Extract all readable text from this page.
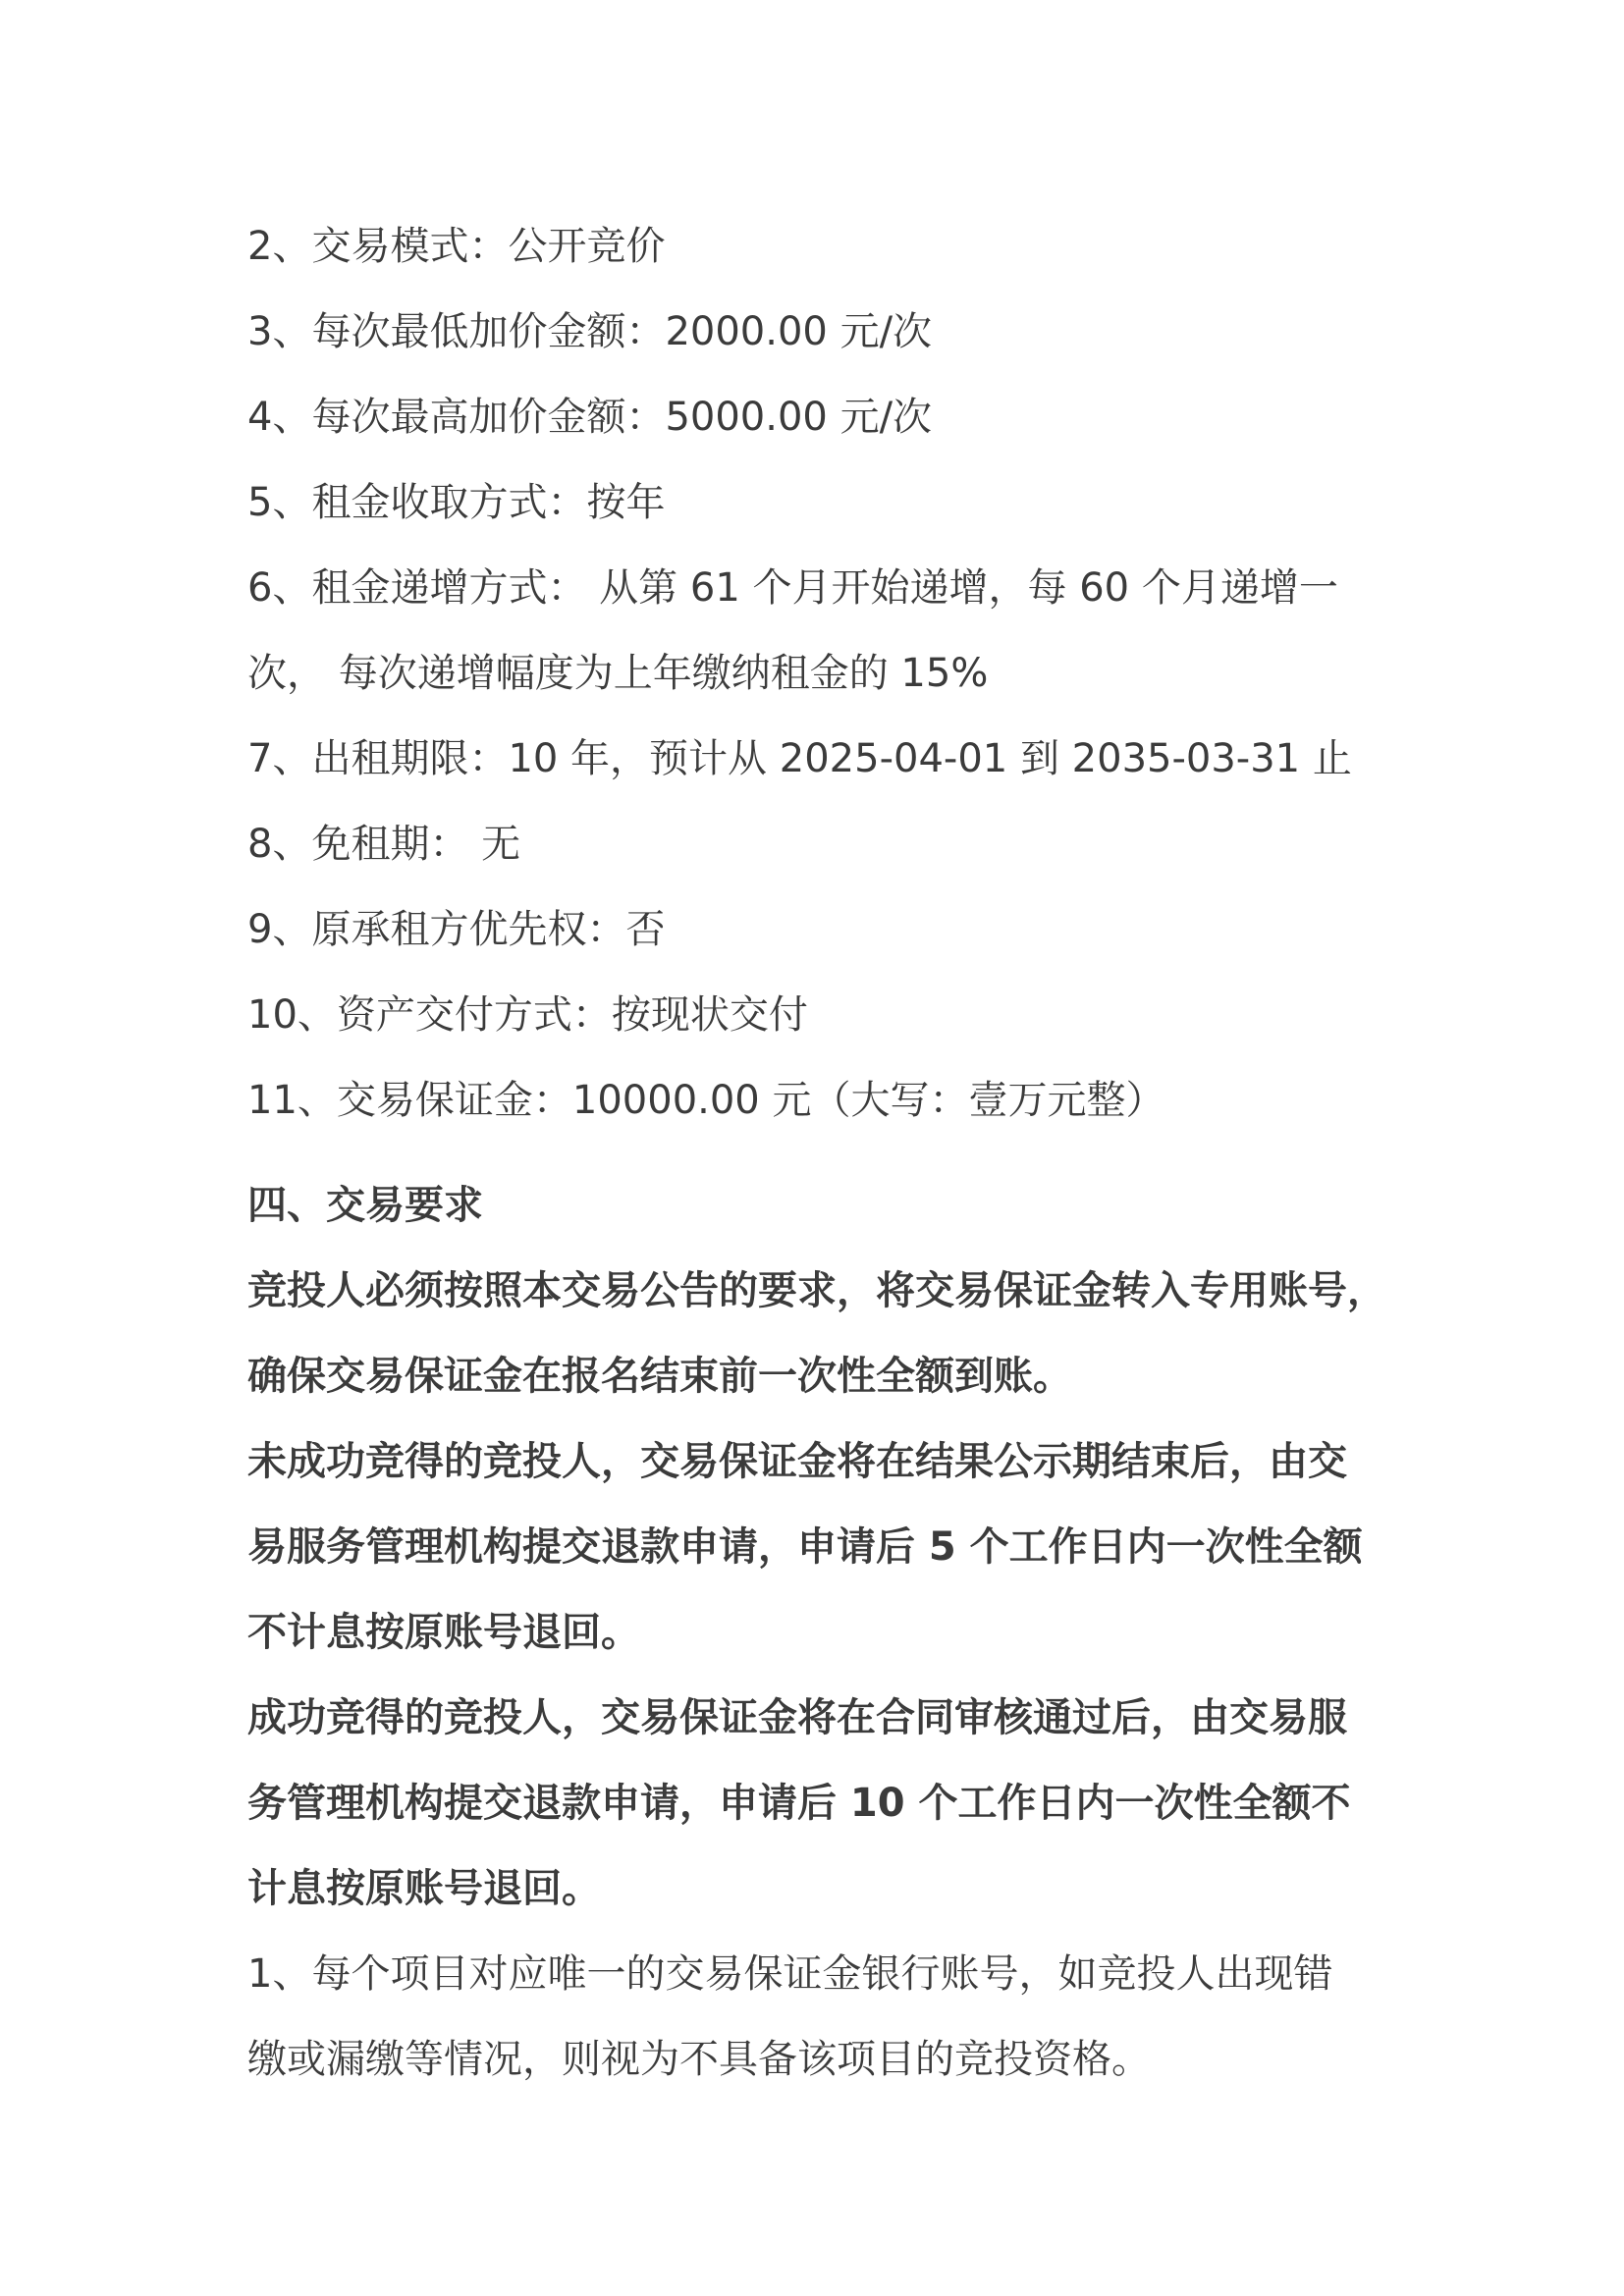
2、交易模式：公开竞价
3、每次最低加价金额：2000.00 元/次
4、每次最高加价金额：5000.00 元/次
5、租金收取方式：按年
6、租金递增方式： 从第 61 个月开始递增，每 60 个月递增一
次， 每次递增幅度为上年缴纳租金的 15%
7、出租期限：10 年，预计从 2025-04-01 到 2035-03-31 止
8、免租期： 无
9、原承租方优先权：否
10、资产交付方式：按现状交付
11、交易保证金：10000.00 元（大写：壹万元整）
四、交易要求
竞投人必须按照本交易公告的要求，将交易保证金转入专用账号，
确保交易保证金在报名结束前一次性全额到账。
未成功竞得的竞投人，交易保证金将在结果公示期结束后，由交
易服务管理机构提交退款申请，申请后 5 个工作日内一次性全额
不计息按原账号退回。
成功竞得的竞投人，交易保证金将在合同审核通过后，由交易服
务管理机构提交退款申请，申请后 10 个工作日内一次性全额不
计息按原账号退回。
1、每个项目对应唯一的交易保证金银行账号，如竞投人出现错
缴或漏缴等情况，则视为不具备该项目的竞投资格。
